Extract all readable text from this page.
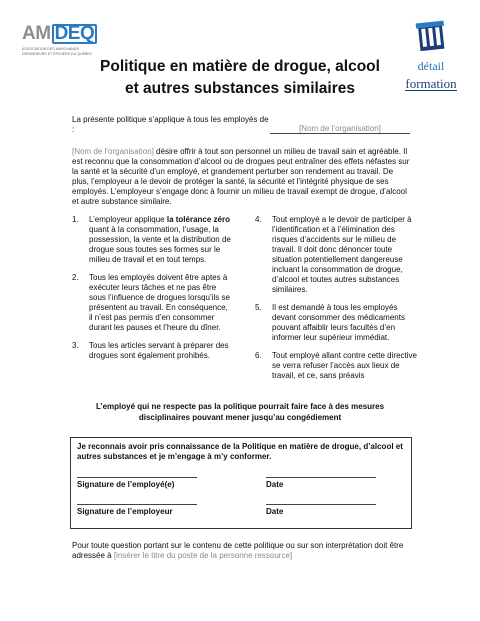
AM DEQ
ASSOCIATION DES MARCHANDS
DÉPANNEURS ET ÉPICIERS DU QUÉBEC
détail
formation
Politique en matière de drogue, alcool
et autres substances similaires
La présente politique s’applique à tous les employés de :	[Nom de l’organisation]
[Nom de l’organisation] désire offrir à tout son personnel un milieu de travail sain et agréable. Il est reconnu que la consommation d’alcool ou de drogues peut entraîner des effets néfastes sur la santé et la sécurité d’un employé, et grandement perturber son rendement au travail. De plus, l’employeur a le devoir de protéger la santé, la sécurité et l’intégrité physique de ses employés. L’employeur s’engage donc à fournir un milieu de travail exempt de drogue, d’alcool et autre substance similaire.
1.	L’employeur applique la tolérance zéro quant à la consommation, l’usage, la possession, la vente et la distribution de drogue sous toutes ses formes sur le milieu de travail et en tout temps.
2.	Tous les employés doivent être aptes à exécuter leurs tâches et ne pas être sous l’influence de drogues lorsqu’ils se présentent au travail. En conséquence, il n’est pas permis d’en consommer durant les pauses et l’heure du dîner.
3.	Tous les articles servant à préparer des drogues sont également prohibés.
4.	Tout employé a le devoir de participer à l’identification et à l’élimination des risques d’accidents sur le milieu de travail. Il doit donc dénoncer toute situation potentiellement dangereuse incluant la consommation de drogue, d’alcool et toutes autres substances similaires.
5.	Il est demandé à tous les employés devant consommer des médicaments pouvant affaiblir leurs facultés d’en informer leur supérieur immédiat.
6.	Tout employé allant contre cette directive se verra refuser l’accès aux lieux de travail, et ce, sans préavis
L’employé qui ne respecte pas la politique pourrait faire face à des mesures
disciplinaires pouvant mener jusqu’au congédiement
Je reconnais avoir pris connaissance de la Politique en matière de drogue, d’alcool et autres substances et je m’engage à m’y conformer.
Signature de l’employé(e)	Date
Signature de l’employeur	Date
Pour toute question portant sur le contenu de cette politique ou sur son interprétation doit être adressée à [insérer le titre du poste de la personne ressource]
